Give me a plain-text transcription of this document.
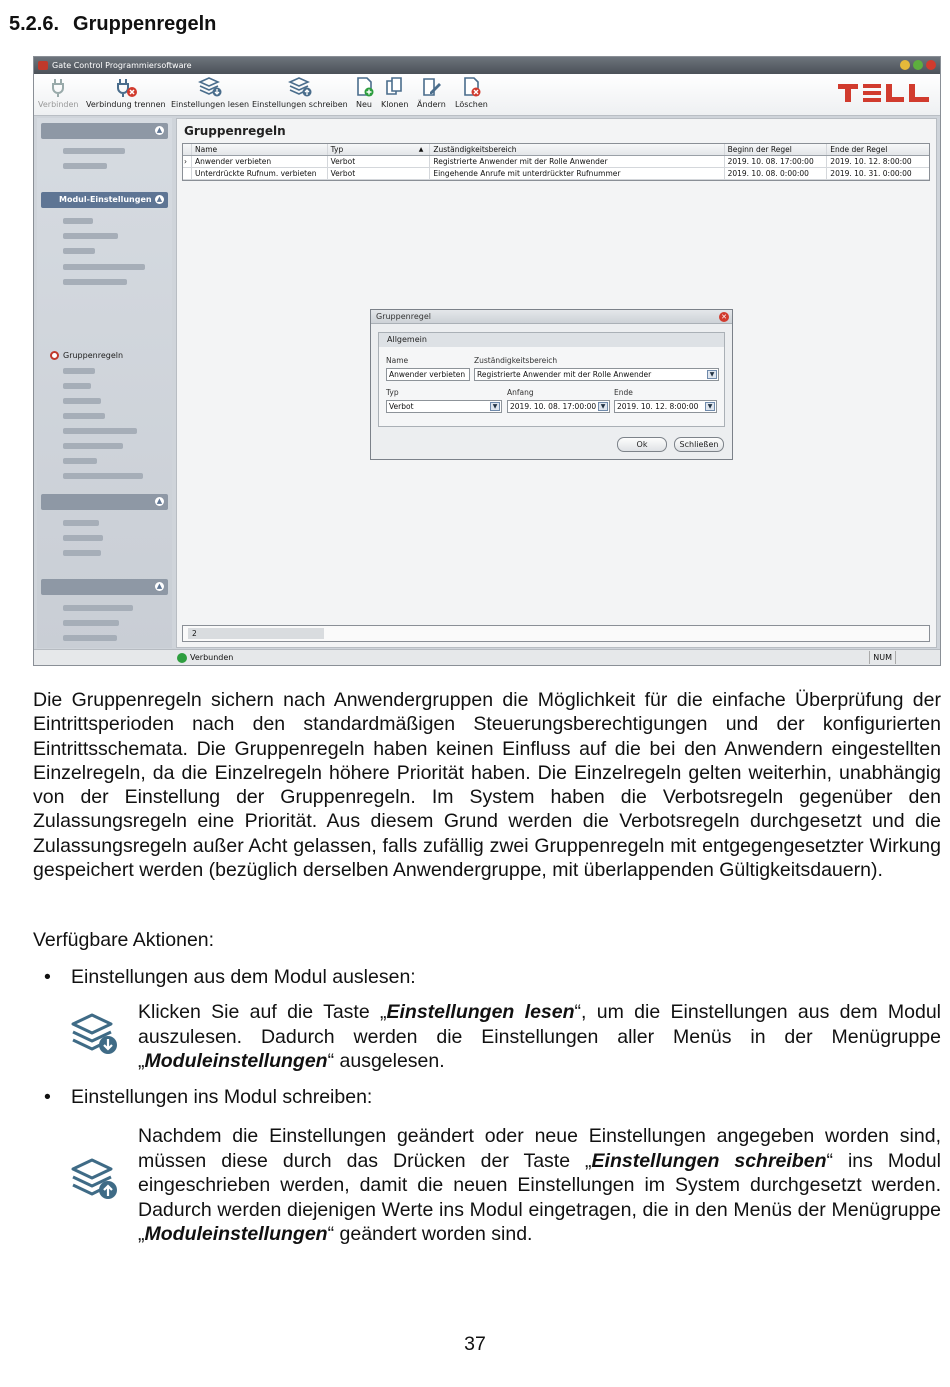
5.2.6. Gruppenregeln
Gate Control Programmiersoftware
Verbinden Verbindung trennen Einstellungen lesen Einstellungen schreiben	Neu	Klonen Ändern Löschen
▲
Modul-Einstellungen ▲
Gruppenregeln
▲
▲
Gruppenregeln
Name	Typ	▲	Zuständigkeitsbereich	Beginn der Regel	Ende der Regel
›	Anwender verbieten	Verbot	Registrierte Anwender mit der Rolle Anwender	2019. 10. 08. 17:00:00	2019. 10. 12. 8:00:00
Unterdrückte Rufnum. verbieten	Verbot	Eingehende Anrufe mit unterdrückter Rufnummer	2019. 10. 08. 0:00:00	2019. 10. 31. 0:00:00
Gruppenregel	✕
Allgemein
Name	Zuständigkeitsbereich
Anwender verbieten	Registrierte Anwender mit der Rolle Anwender	▼
Typ	Anfang	Ende
Verbot	▼	2019. 10. 08. 17:00:00 ▼	2019. 10. 12. 8:00:00	▼
Ok	Schließen
2
Verbunden	NUM
Die Gruppenregeln sichern nach Anwendergruppen die Möglichkeit für die einfache Überprüfung der Eintrittsperioden nach den standardmäßigen Steuerungsberechtigungen und der konfigurierten Eintrittsschemata. Die Gruppenregeln haben keinen Einfluss auf die bei den Anwendern eingestellten Einzelregeln, da die Einzelregeln höhere Priorität haben. Die Einzelregeln gelten weiterhin, unabhängig von der Einstellung der Gruppenregeln. Im System haben die Verbotsregeln gegenüber den Zulassungsregeln eine Priorität. Aus diesem Grund werden die Verbotsregeln durchgesetzt und die Zulassungsregeln außer Acht gelassen, falls zufällig zwei Gruppenregeln mit entgegengesetzter Wirkung gespeichert werden (bezüglich derselben Anwendergruppe, mit überlappenden Gültigkeitsdauern).
Verfügbare Aktionen:
• Einstellungen aus dem Modul auslesen:
Klicken Sie auf die Taste „Einstellungen lesen“, um die Einstellungen aus dem Modul auszulesen. Dadurch werden die Einstellungen aller Menüs in der Menügruppe „Moduleinstellungen“ ausgelesen.
• Einstellungen ins Modul schreiben:
Nachdem die Einstellungen geändert oder neue Einstellungen angegeben worden sind, müssen diese durch das Drücken der Taste „Einstellungen schreiben“ ins Modul eingeschrieben werden, damit die neuen Einstellungen im System durchgesetzt werden. Dadurch werden diejenigen Werte ins Modul eingetragen, die in den Menüs der Menügruppe „Moduleinstellungen“ geändert worden sind.
37
